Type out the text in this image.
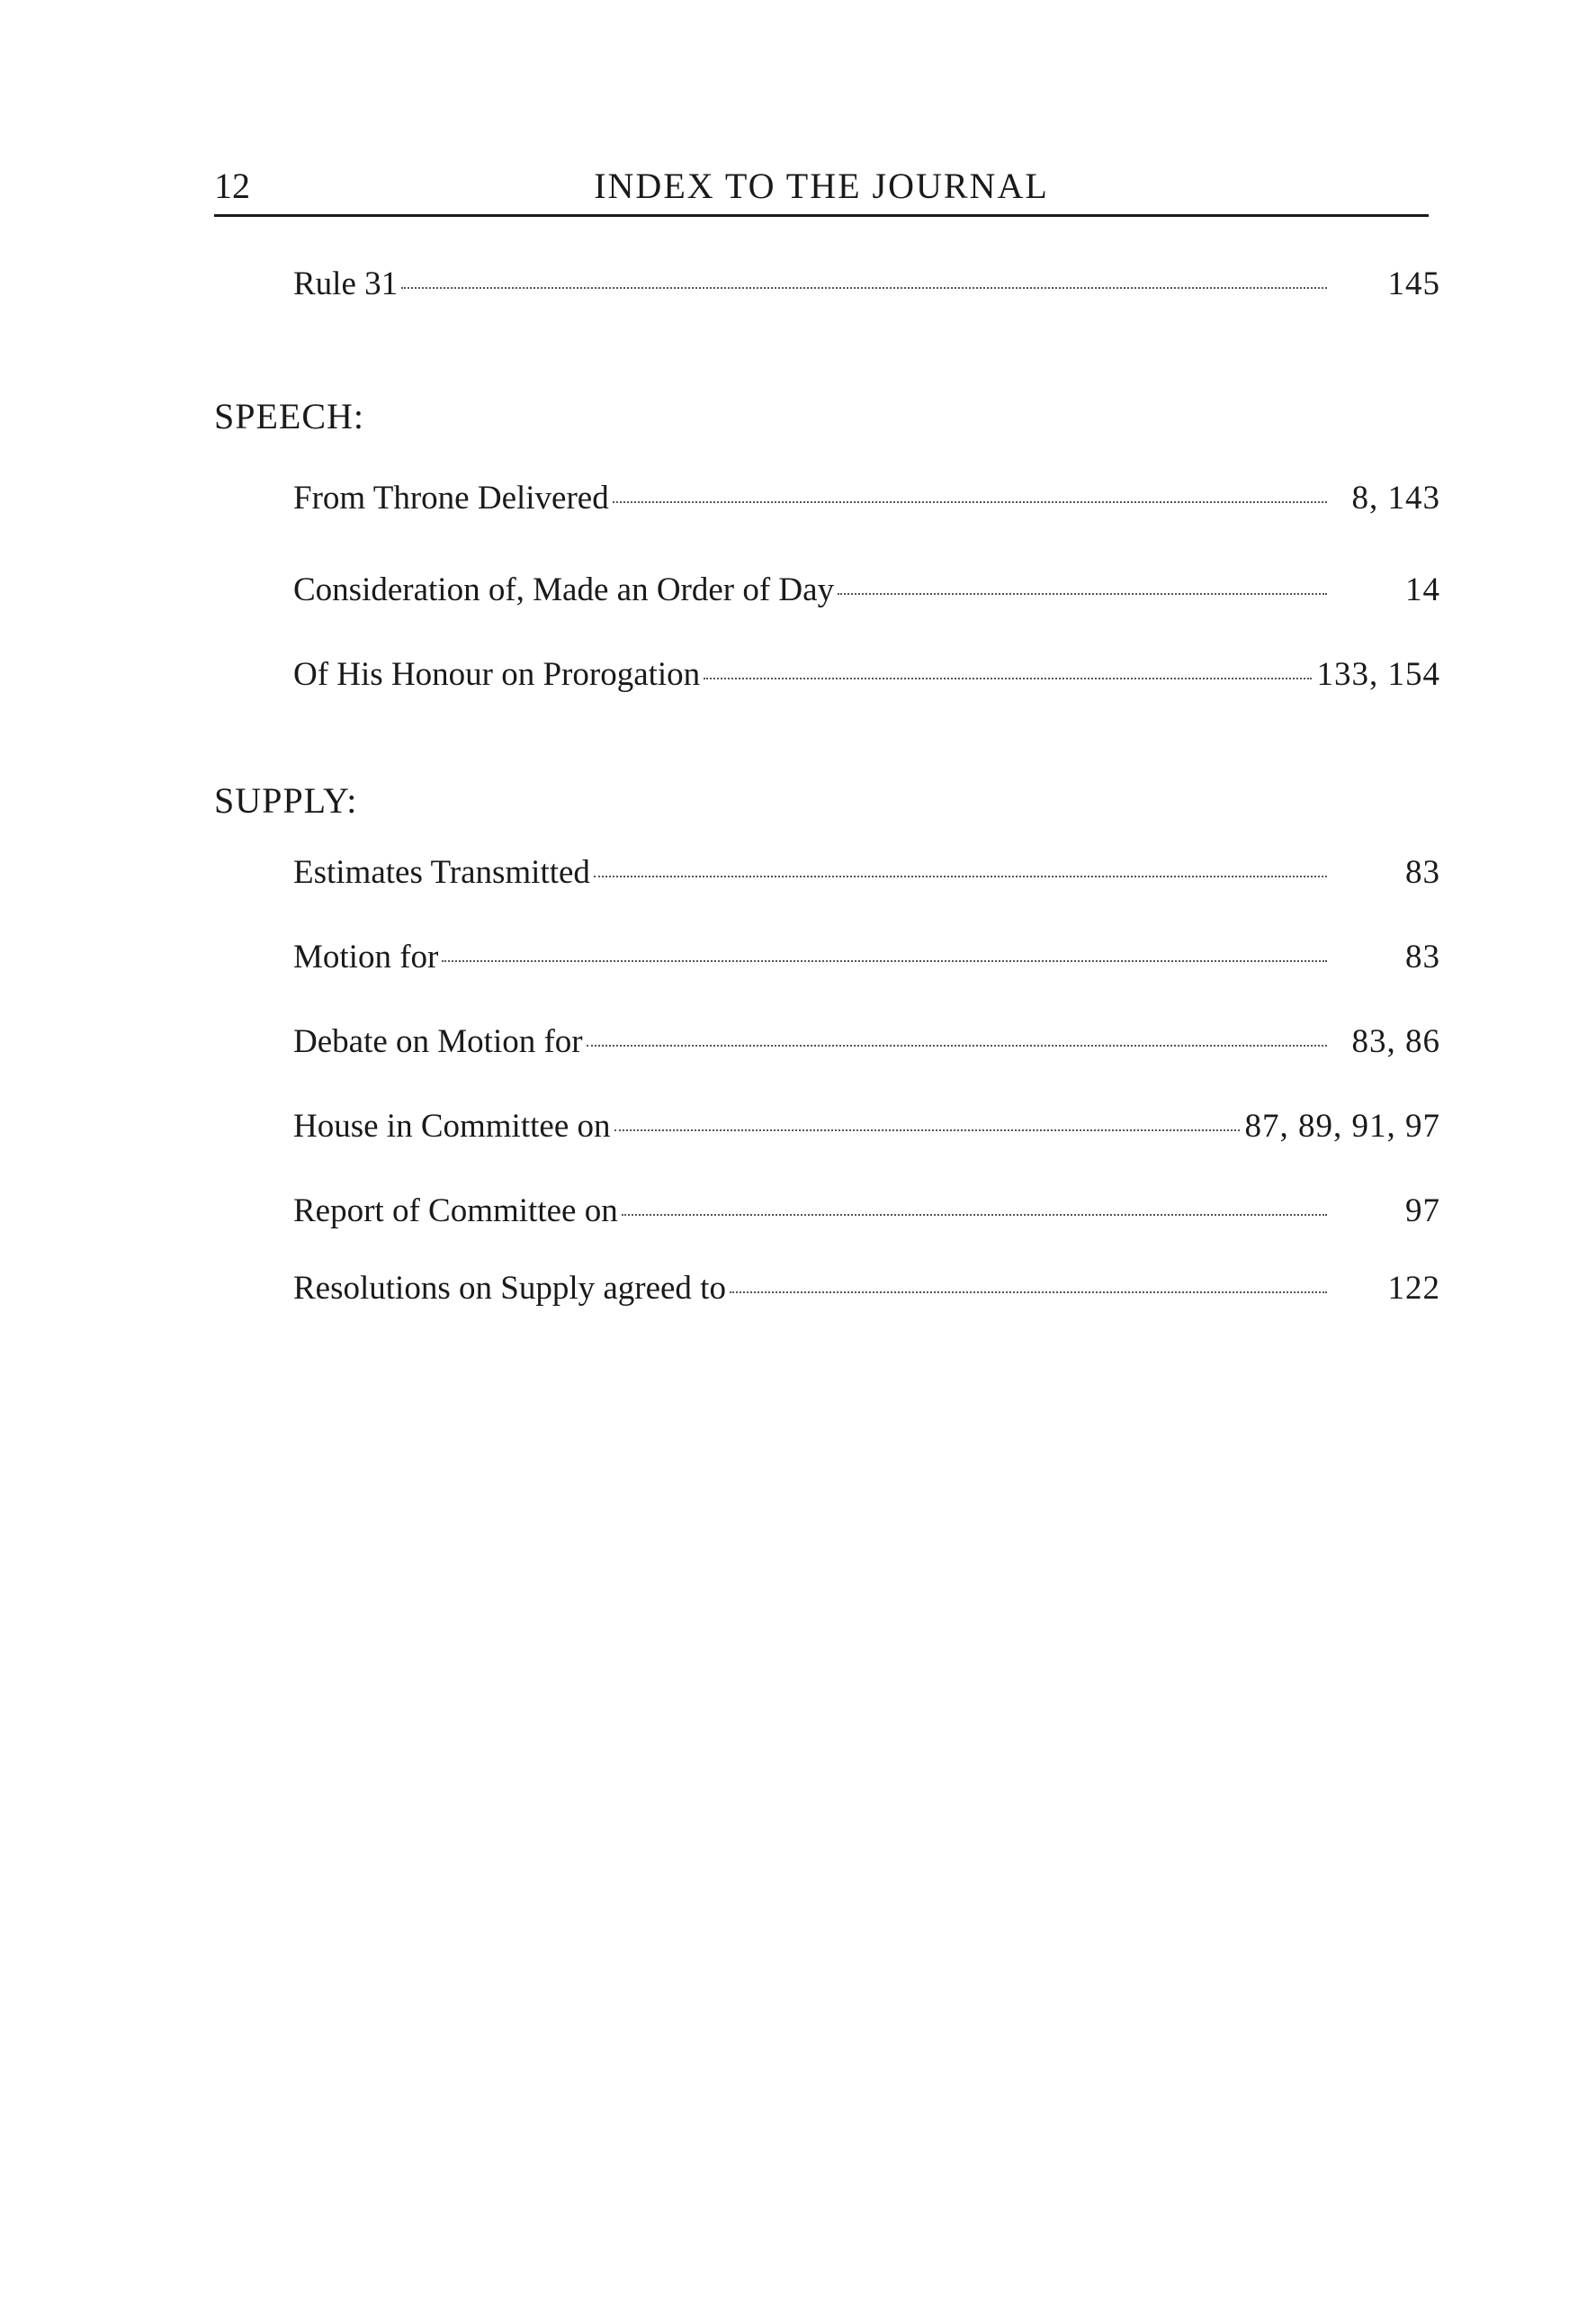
12	INDEX TO THE JOURNAL
Rule 31	145
SPEECH:
From Throne Delivered	8, 143
Consideration of, Made an Order of Day	14
Of His Honour on Prorogation	133, 154
SUPPLY:
Estimates Transmitted	83
Motion for	83
Debate on Motion for	83, 86
House in Committee on	87, 89, 91, 97
Report of Committee on	97
Resolutions on Supply agreed to	122
